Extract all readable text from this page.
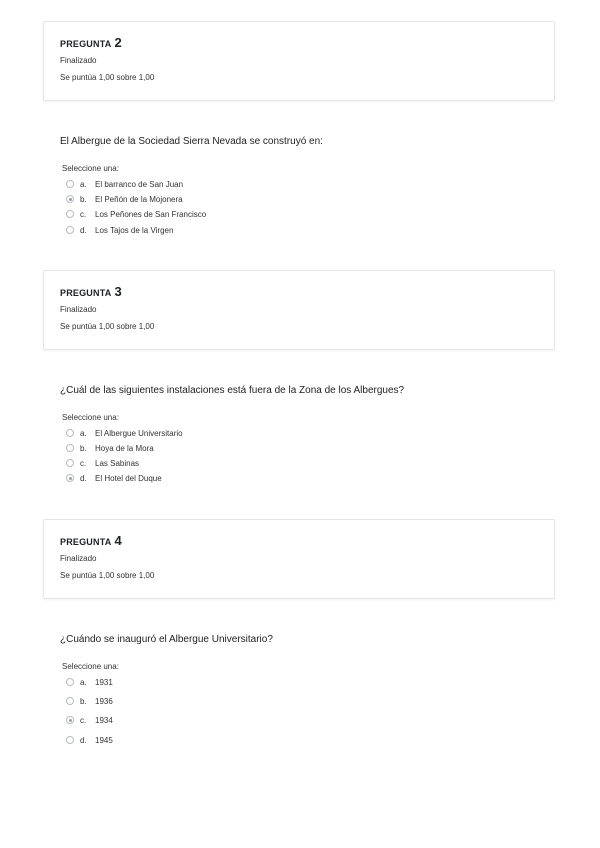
PREGUNTA 2
Finalizado
Se puntúa 1,00 sobre 1,00
El Albergue de la Sociedad Sierra Nevada se construyó en:
Seleccione una:
a.	El barranco de San Juan
b.	El Peñón de la Mojonera
c.	Los Peñones de San Francisco
d.	Los Tajos de la Virgen
PREGUNTA 3
Finalizado
Se puntúa 1,00 sobre 1,00
¿Cuál de las siguientes instalaciones está fuera de la Zona de los Albergues?
Seleccione una:
a.	El Albergue Universitario
b.	Hoya de la Mora
c.	Las Sabinas
d.	El Hotel del Duque
PREGUNTA 4
Finalizado
Se puntúa 1,00 sobre 1,00
¿Cuándo se inauguró el Albergue Universitario?
Seleccione una:
a.	1931
b.	1936
c.	1934
d.	1945
